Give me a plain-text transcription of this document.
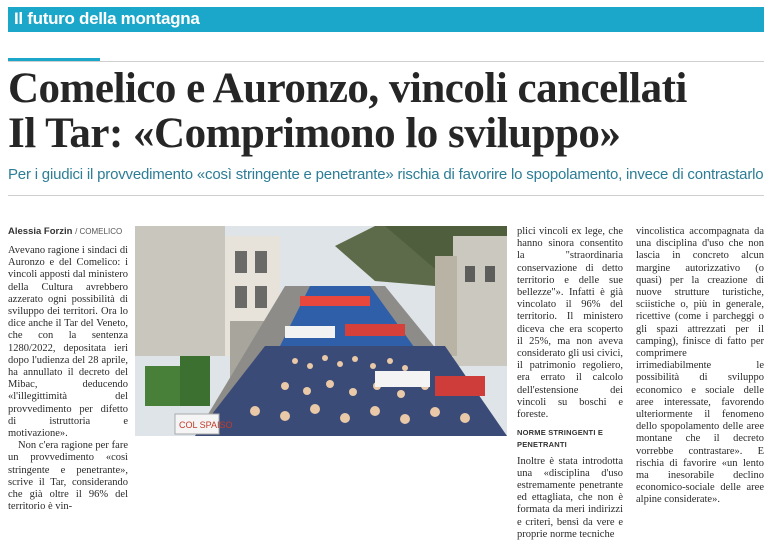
Il futuro della montagna
Comelico e Auronzo, vincoli cancellati
Il Tar: «Comprimono lo sviluppo»
Per i giudici il provvedimento «così stringente e penetrante» rischia di favorire lo spopolamento, invece di contrastarlo
Alessia Forzin / COMELICO

Avevano ragione i sindaci di Auronzo e del Comelico: i vincoli apposti dal ministero della Cultura avrebbero azzerato ogni possibilità di sviluppo dei territori. Ora lo dice anche il Tar del Veneto, che con la sentenza 1280/2022, depositata ieri dopo l'udienza del 28 aprile, ha annullato il decreto del Mibac, deducendo «l'illegittimità del provvedimento per difetto di istruttoria e motivazione».

Non c'era ragione per fare un provvedimento «così stringente e penetrante», scrive il Tar, considerando che già oltre il 96% del territorio è vin-

COL SPAISO

plici vincoli ex lege, che hanno sinora consentito la "straordinaria conservazione di detto territorio e delle sue bellezze"». Infatti è già vincolato il 96% del territorio. Il ministero diceva che era scoperto il 25%, ma non aveva considerato gli usi civici, il patrimonio regoliero, era errato il calcolo dell'estensione dei vincoli su boschi e foreste.

NORME STRINGENTI E PENETRANTI

Inoltre è stata introdotta una «disciplina d'uso estremamente penetrante ed ettagliata, che non è formata da meri indirizzi e criteri, bensì da vere e proprie norme tecniche

vincolistica accompagnata da una disciplina d'uso che non lascia in concreto alcun margine autorizzativo (o quasi) per la creazione di nuove strutture turistiche, sciistiche o, più in generale, ricettive (come i parcheggi o gli spazi attrezzati per il camping), finisce di fatto per comprimere irrimediabilmente le possibilità di sviluppo economico e sociale delle aree interessate, favorendo ulteriormente il fenomeno dello spopolamento delle aree montane che il decreto vorrebbe contrastare». E rischia di favorire «un lento ma inesorabile declino economico-sociale delle aree alpine considerate».
